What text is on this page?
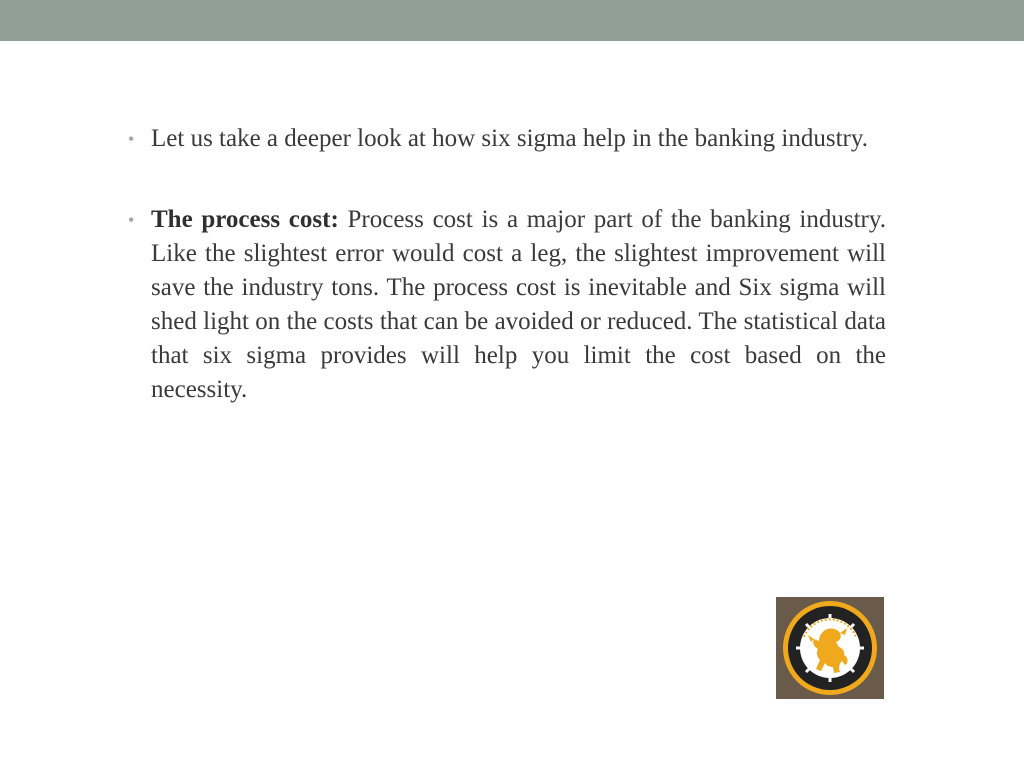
• Let us take a deeper look at how six sigma help in the banking industry.
• The process cost: Process cost is a major part of the banking industry. Like the slightest error would cost a leg, the slightest improvement will save the industry tons. The process cost is inevitable and Six sigma will shed light on the costs that can be avoided or reduced. The statistical data that six sigma provides will help you limit the cost based on the necessity.
